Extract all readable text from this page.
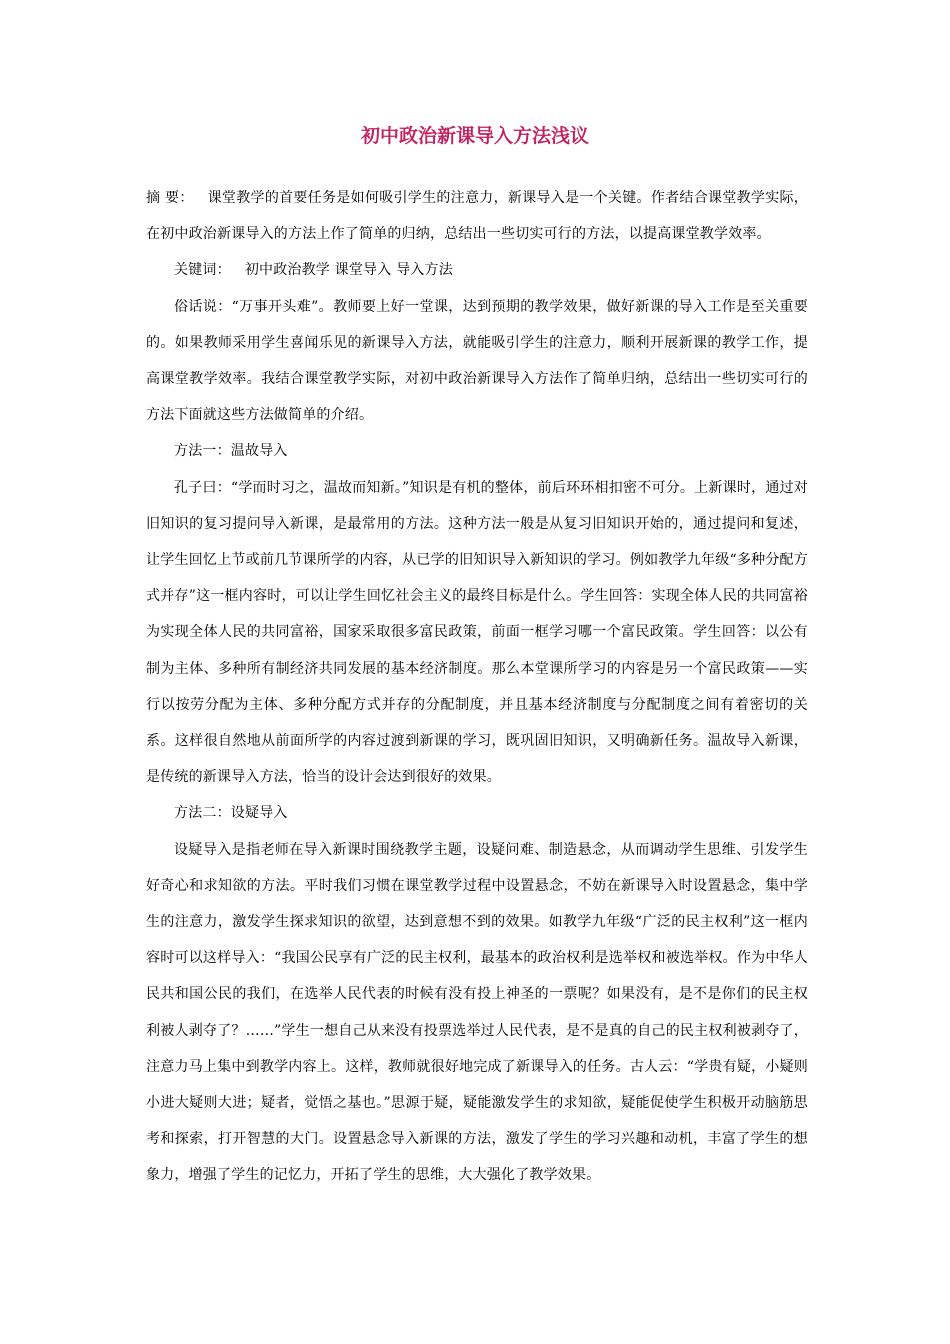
初中政治新课导入方法浅议

摘 要： 课堂教学的首要任务是如何吸引学生的注意力，新课导入是一个关键。作者结合课堂教学实际，在初中政治新课导入的方法上作了简单的归纳，总结出一些切实可行的方法，以提高课堂教学效率。

关键词： 初中政治教学 课堂导入 导入方法

俗话说：“万事开头难”。教师要上好一堂课，达到预期的教学效果，做好新课的导入工作是至关重要的。如果教师采用学生喜闻乐见的新课导入方法，就能吸引学生的注意力，顺利开展新课的教学工作，提高课堂教学效率。我结合课堂教学实际，对初中政治新课导入方法作了简单归纳，总结出一些切实可行的方法下面就这些方法做简单的介绍。

方法一：温故导入

孔子曰：“学而时习之，温故而知新。”知识是有机的整体，前后环环相扣密不可分。上新课时，通过对旧知识的复习提问导入新课，是最常用的方法。这种方法一般是从复习旧知识开始的，通过提问和复述，让学生回忆上节或前几节课所学的内容，从已学的旧知识导入新知识的学习。例如教学九年级“多种分配方式并存”这一框内容时，可以让学生回忆社会主义的最终目标是什么。学生回答：实现全体人民的共同富裕为实现全体人民的共同富裕，国家采取很多富民政策，前面一框学习哪一个富民政策。学生回答：以公有制为主体、多种所有制经济共同发展的基本经济制度。那么本堂课所学习的内容是另一个富民政策——实行以按劳分配为主体、多种分配方式并存的分配制度，并且基本经济制度与分配制度之间有着密切的关系。这样很自然地从前面所学的内容过渡到新课的学习，既巩固旧知识，又明确新任务。温故导入新课，是传统的新课导入方法，恰当的设计会达到很好的效果。

方法二：设疑导入

设疑导入是指老师在导入新课时围绕教学主题，设疑问难、制造悬念，从而调动学生思维、引发学生好奇心和求知欲的方法。平时我们习惯在课堂教学过程中设置悬念，不妨在新课导入时设置悬念，集中学生的注意力，激发学生探求知识的欲望，达到意想不到的效果。如教学九年级“广泛的民主权利”这一框内容时可以这样导入：“我国公民享有广泛的民主权利，最基本的政治权利是选举权和被选举权。作为中华人民共和国公民的我们，在选举人民代表的时候有没有投上神圣的一票呢？如果没有，是不是你们的民主权利被人剥夺了？……”学生一想自己从来没有投票选举过人民代表，是不是真的自己的民主权利被剥夺了，注意力马上集中到教学内容上。这样，教师就很好地完成了新课导入的任务。古人云：“学贵有疑，小疑则小进大疑则大进；疑者，觉悟之基也。”思源于疑，疑能激发学生的求知欲，疑能促使学生积极开动脑筋思考和探索，打开智慧的大门。设置悬念导入新课的方法，激发了学生的学习兴趣和动机，丰富了学生的想象力，增强了学生的记忆力，开拓了学生的思维，大大强化了教学效果。
